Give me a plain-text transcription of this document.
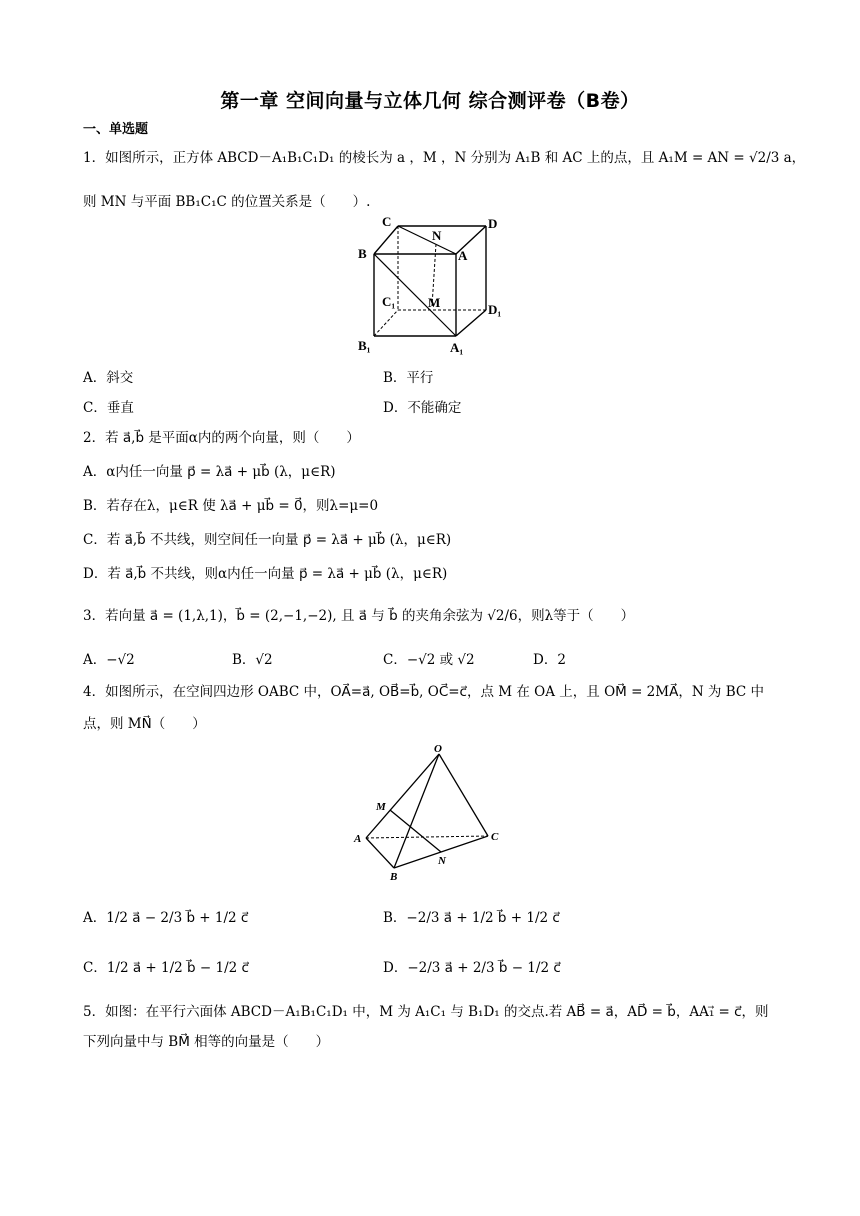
第一章 空间向量与立体几何 综合测评卷（B卷）
一、单选题
1．如图所示，正方体 ABCD－A₁B₁C₁D₁ 的棱长为 a ，M ，N 分别为 A₁B 和 AC 上的点，且 A₁M = AN = √2/3 a，
则 MN 与平面 BB₁C₁C 的位置关系是（　　）.
C
N
D
B	A
C₁	M	D₁
B₁	A₁
A．斜交	B．平行
C．垂直	D．不能确定
2．若 a⃗,b⃗ 是平面α内的两个向量，则（　　）
A．α内任一向量 p⃗ = λa⃗ + μb⃗ (λ，μ∈R)
B．若存在λ，μ∈R 使 λa⃗ + μb⃗ = 0⃗，则λ=μ=0
C．若 a⃗,b⃗ 不共线，则空间任一向量 p⃗ = λa⃗ + μb⃗ (λ，μ∈R)
D．若 a⃗,b⃗ 不共线，则α内任一向量 p⃗ = λa⃗ + μb⃗ (λ，μ∈R)
3．若向量 a⃗ = (1,λ,1)，b⃗ = (2,−1,−2), 且 a⃗ 与 b⃗ 的夹角余弦为 √2/6，则λ等于（　　）
A．−√2	B．√2	C．−√2 或 √2	D．2
4．如图所示，在空间四边形 OABC 中，OA⃗=a⃗, OB⃗=b⃗, OC⃗=c⃗，点 M 在 OA 上，且 OM⃗ = 2MA⃗，N 为 BC 中
点，则 MN⃗（　　）
O
M
A	C
N
B
A．1/2 a⃗ − 2/3 b⃗ + 1/2 c⃗	B．−2/3 a⃗ + 1/2 b⃗ + 1/2 c⃗
C．1/2 a⃗ + 1/2 b⃗ − 1/2 c⃗	D．−2/3 a⃗ + 2/3 b⃗ − 1/2 c⃗
5．如图：在平行六面体 ABCD－A₁B₁C₁D₁ 中，M 为 A₁C₁ 与 B₁D₁ 的交点.若 AB⃗ = a⃗，AD⃗ = b⃗，AA₁⃗ = c⃗，则
下列向量中与 BM⃗ 相等的向量是（　　）
